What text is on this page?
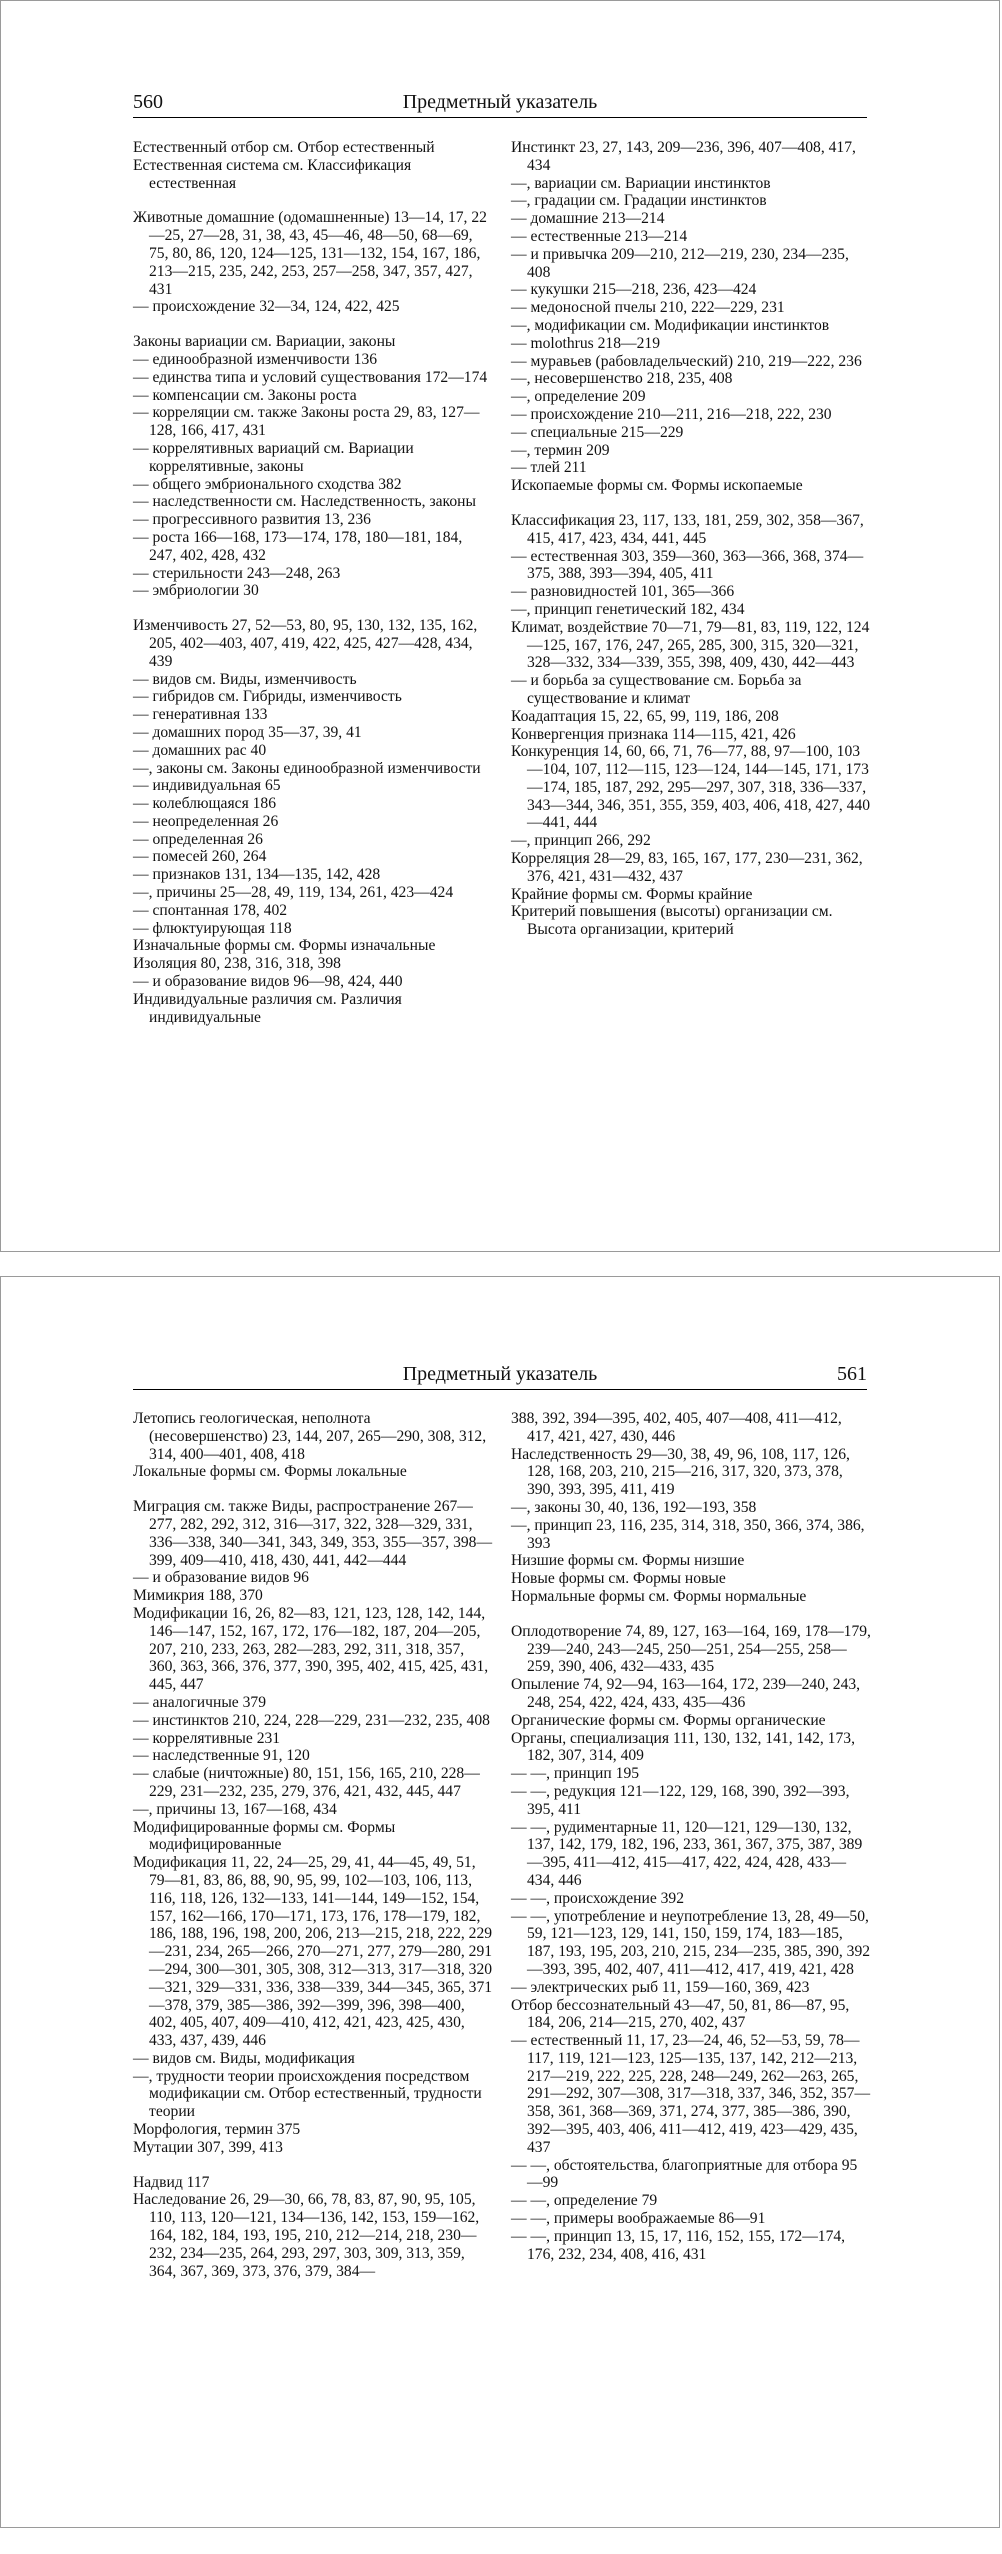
560	Предметный указатель
Естественный отбор см. Отбор естественный
Естественная система см. Классификация естественная
Животные домашние (одомашненные) 13—14, 17, 22—25, 27—28, 31, 38, 43, 45—46, 48—50, 68—69, 75, 80, 86, 120, 124—125, 131—132, 154, 167, 186, 213—215, 235, 242, 253, 257—258, 347, 357, 427, 431
— происхождение 32—34, 124, 422, 425
Законы вариации см. Вариации, законы
— единообразной изменчивости 136
— единства типа и условий существования 172—174
— компенсации см. Законы роста
— корреляции см. также Законы роста 29, 83, 127—128, 166, 417, 431
— коррелятивных вариаций см. Вариации коррелятивные, законы
— общего эмбрионального сходства 382
— наследственности см. Наследственность, законы
— прогрессивного развития 13, 236
— роста 166—168, 173—174, 178, 180—181, 184, 247, 402, 428, 432
— стерильности 243—248, 263
— эмбриологии 30
Изменчивость 27, 52—53, 80, 95, 130, 132, 135, 162, 205, 402—403, 407, 419, 422, 425, 427—428, 434, 439
— видов см. Виды, изменчивость
— гибридов см. Гибриды, изменчивость
— генеративная 133
— домашних пород 35—37, 39, 41
— домашних рас 40
—, законы см. Законы единообразной изменчивости
— индивидуальная 65
— колеблющаяся 186
— неопределенная 26
— определенная 26
— помесей 260, 264
— признаков 131, 134—135, 142, 428
—, причины 25—28, 49, 119, 134, 261, 423—424
— спонтанная 178, 402
— флюктуирующая 118
Изначальные формы см. Формы изначальные
Изоляция 80, 238, 316, 318, 398
— и образование видов 96—98, 424, 440
Индивидуальные различия см. Различия индивидуальные
Инстинкт 23, 27, 143, 209—236, 396, 407—408, 417, 434
—, вариации см. Вариации инстинктов
—, градации см. Градации инстинктов
— домашние 213—214
— естественные 213—214
— и привычка 209—210, 212—219, 230, 234—235, 408
— кукушки 215—218, 236, 423—424
— медоносной пчелы 210, 222—229, 231
—, модификации см. Модификации инстинктов
— molothrus 218—219
— муравьев (рабовладельческий) 210, 219—222, 236
—, несовершенство 218, 235, 408
—, определение 209
— происхождение 210—211, 216—218, 222, 230
— специальные 215—229
—, термин 209
— тлей 211
Ископаемые формы см. Формы ископаемые
Классификация 23, 117, 133, 181, 259, 302, 358—367, 415, 417, 423, 434, 441, 445
— естественная 303, 359—360, 363—366, 368, 374—375, 388, 393—394, 405, 411
— разновидностей 101, 365—366
—, принцип генетический 182, 434
Климат, воздействие 70—71, 79—81, 83, 119, 122, 124—125, 167, 176, 247, 265, 285, 300, 315, 320—321, 328—332, 334—339, 355, 398, 409, 430, 442—443
— и борьба за существование см. Борьба за существование и климат
Коадаптация 15, 22, 65, 99, 119, 186, 208
Конвергенция признака 114—115, 421, 426
Конкуренция 14, 60, 66, 71, 76—77, 88, 97—100, 103—104, 107, 112—115, 123—124, 144—145, 171, 173—174, 185, 187, 292, 295—297, 307, 318, 336—337, 343—344, 346, 351, 355, 359, 403, 406, 418, 427, 440—441, 444
—, принцип 266, 292
Корреляция 28—29, 83, 165, 167, 177, 230—231, 362, 376, 421, 431—432, 437
Крайние формы см. Формы крайние
Критерий повышения (высоты) организации см. Высота организации, критерий
Предметный указатель	561
Летопись геологическая, неполнота (несовершенство) 23, 144, 207, 265—290, 308, 312, 314, 400—401, 408, 418
Локальные формы см. Формы локальные
Миграция см. также Виды, распространение 267—277, 282, 292, 312, 316—317, 322, 328—329, 331, 336—338, 340—341, 343, 349, 353, 355—357, 398—399, 409—410, 418, 430, 441, 442—444
— и образование видов 96
Мимикрия 188, 370
Модификации 16, 26, 82—83, 121, 123, 128, 142, 144, 146—147, 152, 167, 172, 176—182, 187, 204—205, 207, 210, 233, 263, 282—283, 292, 311, 318, 357, 360, 363, 366, 376, 377, 390, 395, 402, 415, 425, 431, 445, 447
— аналогичные 379
— инстинктов 210, 224, 228—229, 231—232, 235, 408
— коррелятивные 231
— наследственные 91, 120
— слабые (ничтожные) 80, 151, 156, 165, 210, 228—229, 231—232, 235, 279, 376, 421, 432, 445, 447
—, причины 13, 167—168, 434
Модифицированные формы см. Формы модифицированные
Модификация 11, 22, 24—25, 29, 41, 44—45, 49, 51, 79—81, 83, 86, 88, 90, 95, 99, 102—103, 106, 113, 116, 118, 126, 132—133, 141—144, 149—152, 154, 157, 162—166, 170—171, 173, 176, 178—179, 182, 186, 188, 196, 198, 200, 206, 213—215, 218, 222, 229—231, 234, 265—266, 270—271, 277, 279—280, 291—294, 300—301, 305, 308, 312—313, 317—318, 320—321, 329—331, 336, 338—339, 344—345, 365, 371—378, 379, 385—386, 392—399, 396, 398—400, 402, 405, 407, 409—410, 412, 421, 423, 425, 430, 433, 437, 439, 446
— видов см. Виды, модификация
—, трудности теории происхождения посредством модификации см. Отбор естественный, трудности теории
Морфология, термин 375
Мутации 307, 399, 413
Надвид 117
Наследование 26, 29—30, 66, 78, 83, 87, 90, 95, 105, 110, 113, 120—121, 134—136, 142, 153, 159—162, 164, 182, 184, 193, 195, 210, 212—214, 218, 230—232, 234—235, 264, 293, 297, 303, 309, 313, 359, 364, 367, 369, 373, 376, 379, 384—
388, 392, 394—395, 402, 405, 407—408, 411—412, 417, 421, 427, 430, 446
Наследственность 29—30, 38, 49, 96, 108, 117, 126, 128, 168, 203, 210, 215—216, 317, 320, 373, 378, 390, 393, 395, 411, 419
—, законы 30, 40, 136, 192—193, 358
—, принцип 23, 116, 235, 314, 318, 350, 366, 374, 386, 393
Низшие формы см. Формы низшие
Новые формы см. Формы новые
Нормальные формы см. Формы нормальные
Оплодотворение 74, 89, 127, 163—164, 169, 178—179, 239—240, 243—245, 250—251, 254—255, 258—259, 390, 406, 432—433, 435
Опыление 74, 92—94, 163—164, 172, 239—240, 243, 248, 254, 422, 424, 433, 435—436
Органические формы см. Формы органические
Органы, специализация 111, 130, 132, 141, 142, 173, 182, 307, 314, 409
— —, принцип 195
— —, редукция 121—122, 129, 168, 390, 392—393, 395, 411
— —, рудиментарные 11, 120—121, 129—130, 132, 137, 142, 179, 182, 196, 233, 361, 367, 375, 387, 389—395, 411—412, 415—417, 422, 424, 428, 433—434, 446
— —, происхождение 392
— —, употребление и неупотребление 13, 28, 49—50, 59, 121—123, 129, 141, 150, 159, 174, 183—185, 187, 193, 195, 203, 210, 215, 234—235, 385, 390, 392—393, 395, 402, 407, 411—412, 417, 419, 421, 428
— электрических рыб 11, 159—160, 369, 423
Отбор бессознательный 43—47, 50, 81, 86—87, 95, 184, 206, 214—215, 270, 402, 437
— естественный 11, 17, 23—24, 46, 52—53, 59, 78—117, 119, 121—123, 125—135, 137, 142, 212—213, 217—219, 222, 225, 228, 248—249, 262—263, 265, 291—292, 307—308, 317—318, 337, 346, 352, 357—358, 361, 368—369, 371, 274, 377, 385—386, 390, 392—395, 403, 406, 411—412, 419, 423—429, 435, 437
— —, обстоятельства, благоприятные для отбора 95—99
— —, определение 79
— —, примеры воображаемые 86—91
— —, принцип 13, 15, 17, 116, 152, 155, 172—174, 176, 232, 234, 408, 416, 431
